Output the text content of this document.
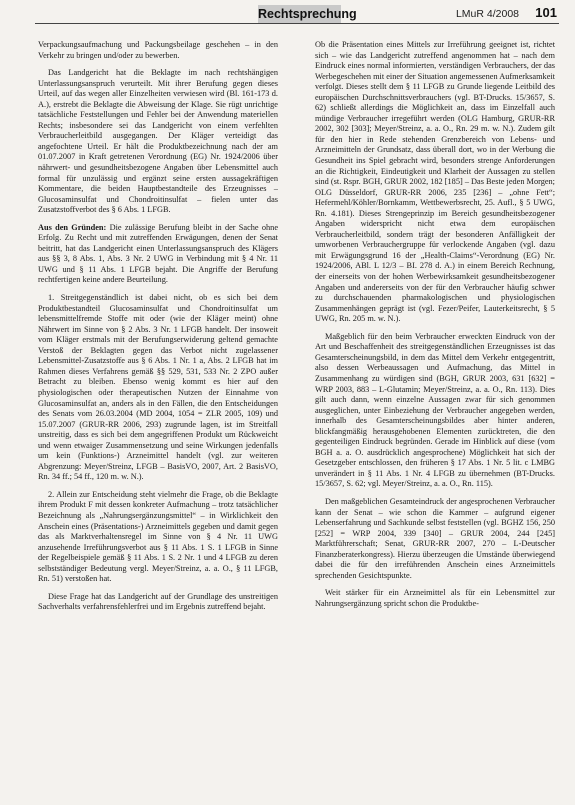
Rechtsprechung	LMuR 4/2008 101

Verpackungsaufmachung und Packungsbeilage geschehen – in den Verkehr zu bringen und/oder zu bewerben.

Das Landgericht hat die Beklagte im nach rechtshängigen Unterlassungsanspruch verurteilt. Mit ihrer Berufung gegen dieses Urteil, auf das wegen aller Einzelheiten verwiesen wird (Bl. 161-173 d. A.), erstrebt die Beklagte die Abweisung der Klage. Sie rügt unrichtige tatsächliche Feststellungen und Fehler bei der Anwendung materiellen Rechts; insbesondere sei das Landgericht von einem verfehlten Verbraucherleitbild ausgegangen. Der Kläger verteidigt das angefochtene Urteil. Er hält die Produktbezeichnung nach der am 01.07.2007 in Kraft getretenen Verordnung (EG) Nr. 1924/2006 über nährwert- und gesundheitsbezogene Angaben über Lebensmittel auch formal für unzulässig und ergänzt seine ersten aussagekräftigen Kommentare, die beiden Hauptbestandteile des Erzeugnisses – Glucosaminsulfat und Chondroitinsulfat – fielen unter das Zusatzstoffverbot des § 6 Abs. 1 LFGB.

Aus den Gründen: Die zulässige Berufung bleibt in der Sache ohne Erfolg. Zu Recht und mit zutreffenden Erwägungen, denen der Senat beitritt, hat das Landgericht einen Unterlassungsanspruch des Klägers aus §§ 3, 8 Abs. 1, Abs. 3 Nr. 2 UWG in Verbindung mit § 4 Nr. 11 UWG und § 11 Abs. 1 LFGB bejaht. Die Angriffe der Berufung rechtfertigen keine andere Beurteilung.

1. Streitgegenständlich ist dabei nicht, ob es sich bei dem Produktbestandteil Glucosaminsulfat und Chondroitinsulfat um lebensmittelfremde Stoffe mit oder (wie der Kläger meint) ohne Nährwert im Sinne von § 2 Abs. 3 Nr. 1 LFGB handelt. Der insoweit vom Kläger erstmals mit der Berufungserwiderung geltend gemachte Verstoß der Beklagten gegen das Verbot nicht zugelassener Lebensmittel-Zusatzstoffe aus § 6 Abs. 1 Nr. 1 a, Abs. 2 LFGB hat im Rahmen dieses Verfahrens gemäß §§ 529, 531, 533 Nr. 2 ZPO außer Betracht zu bleiben. Ebenso wenig kommt es hier auf den physiologischen oder therapeutischen Nutzen der Einnahme von Glucosaminsulfat an, anders als in den Fällen, die den Entscheidungen des Senats vom 26.03.2004 (MD 2004, 1054 = ZLR 2005, 109) und 15.07.2007 (GRUR-RR 2006, 293) zugrunde lagen, ist im Streitfall unstreitig, dass es sich bei dem angegriffenen Produkt um Rückweicht und wenn etwaiger Zusammensetzung und seine Wirkungen jedenfalls um kein (Funktions-) Arzneimittel handelt (vgl. zur weiteren Abgrenzung: Meyer/Streinz, LFGB – BasisVO, 2007, Art. 2 BasisVO, Rn. 34 ff.; 54 ff., 120 m. w. N.).

2. Allein zur Entscheidung steht vielmehr die Frage, ob die Beklagte ihrem Produkt F mit dessen konkreter Aufmachung – trotz tatsächlicher Bezeichnung als „Nahrungsergänzungsmittel“ – in Wirklichkeit den Anschein eines (Präsentations-) Arzneimittels gegeben und damit gegen das als Marktverhaltensregel im Sinne von § 4 Nr. 11 UWG anzusehende Irreführungsverbot aus § 11 Abs. 1 S. 1 LFGB in Sinne der Regelbeispiele gemäß § 11 Abs. 1 S. 2 Nr. 1 und 4 LFGB zu deren selbstständiger Bedeutung vergl. Meyer/Streinz, a. a. O., § 11 LFGB, Rn. 51) verstoßen hat.

Diese Frage hat das Landgericht auf der Grundlage des unstreitigen Sachverhalts verfahrensfehlerfrei und im Ergebnis zutreffend bejaht.

Ob die Präsentation eines Mittels zur Irreführung geeignet ist, richtet sich – wie das Landgericht zutreffend angenommen hat – nach dem Eindruck eines normal informierten, verständigen Verbrauchers, der das Werbegeschehen mit einer der Situation angemessenen Aufmerksamkeit verfolgt. Dieses stellt dem § 11 LFGB zu Grunde liegende Leitbild des europäischen Durchschnittsverbrauchers (vgl. BT-Drucks. 15/3657, S. 62) schließt allerdings die Möglichkeit an, dass im Einzelfall auch mündige Verbraucher irregeführt werden (OLG Hamburg, GRUR-RR 2002, 302 [303]; Meyer/Streinz, a. a. O., Rn. 29 m. w. N.). Zudem gilt für den hier in Rede stehenden Grenzbereich von Lebens- und Arzneimitteln der Grundsatz, dass überall dort, wo in der Werbung die Gesundheit ins Spiel gebracht wird, besonders strenge Anforderungen an die Richtigkeit, Eindeutigkeit und Klarheit der Aussagen zu stellen sind (st. Rspr. BGH, GRUR 2002, 182 [185] – Das Beste jeden Morgen; OLG Düsseldorf, GRUR-RR 2006, 235 [236] – „ohne Fett“; Hefermehl/Köhler/Bornkamm, Wettbewerbsrecht, 25. Aufl., § 5 UWG, Rn. 4.181). Dieses Strengeprinzip im Bereich gesundheitsbezogener Angaben widerspricht nicht etwa dem europäischen Verbraucherleitbild, sondern trägt der besonderen Anfälligkeit der umworbenen Verbrauchergruppe für verlockende Angaben (vgl. dazu mit Erwägungsgrund 16 der „Health-Claims“-Verordnung (EG) Nr. 1924/2006, ABl. L 12/3 – BI. 278 d. A.) in einem Bereich Rechnung, der einerseits von der hohen Werbewirksamkeit gesundheitsbezogener Angaben und andererseits von der für den Verbraucher häufig schwer zu durchschauenden pharmakologischen und physiologischen Zusammenhängen geprägt ist (vgl. Fezer/Peifer, Lauterkeitsrecht, § 5 UWG, Rn. 205 m. w. N.).

Maßgeblich für den beim Verbraucher erweckten Eindruck von der Art und Beschaffenheit des streitgegenständlichen Erzeugnisses ist das Gesamterscheinungsbild, in dem das Mittel dem Verkehr entgegentritt, also dessen Werbeaussagen und Aufmachung, das Mittel in Zusammenhang zu würdigen sind (BGH, GRUR 2003, 631 [632] = WRP 2003, 883 – L-Glutamin; Meyer/Streinz, a. a. O., Rn. 113). Dies gilt auch dann, wenn einzelne Aussagen zwar für sich genommen ausgeglichen, unter Einbeziehung der Verbraucher angegeben werden, innerhalb des Gesamterscheinungsbildes aber hinter anderen, blickfangmäßig herausgehobenen Elementen zurücktreten, die den gegenteiligen Eindruck begründen. Gerade im Hinblick auf diese (vom BGH a. a. O. ausdrücklich angesprochene) Möglichkeit hat sich der Gesetzgeber entschlossen, den früheren § 17 Abs. 1 Nr. 5 lit. c LMBG unverändert in § 11 Abs. 1 Nr. 4 LFGB zu übernehmen (BT-Drucks. 15/3657, S. 62; vgl. Meyer/Streinz, a. a. O., Rn. 115).

Den maßgeblichen Gesamteindruck der angesprochenen Verbraucher kann der Senat – wie schon die Kammer – aufgrund eigener Lebenserfahrung und Sachkunde selbst feststellen (vgl. BGHZ 156, 250 [252] = WRP 2004, 339 [340] – GRUR 2004, 244 [245] Marktführerschaft; Senat, GRUR-RR 2007, 270 – L-Deutscher Finanzberaterkongress). Hierzu überzeugen die Umstände überwiegend dabei die für den irreführenden Anschein eines Arzneimittels sprechenden Gesichtspunkte.

Weit stärker für ein Arzneimittel als für ein Lebensmittel zur Nahrungsergänzung spricht schon die Produktbe-
